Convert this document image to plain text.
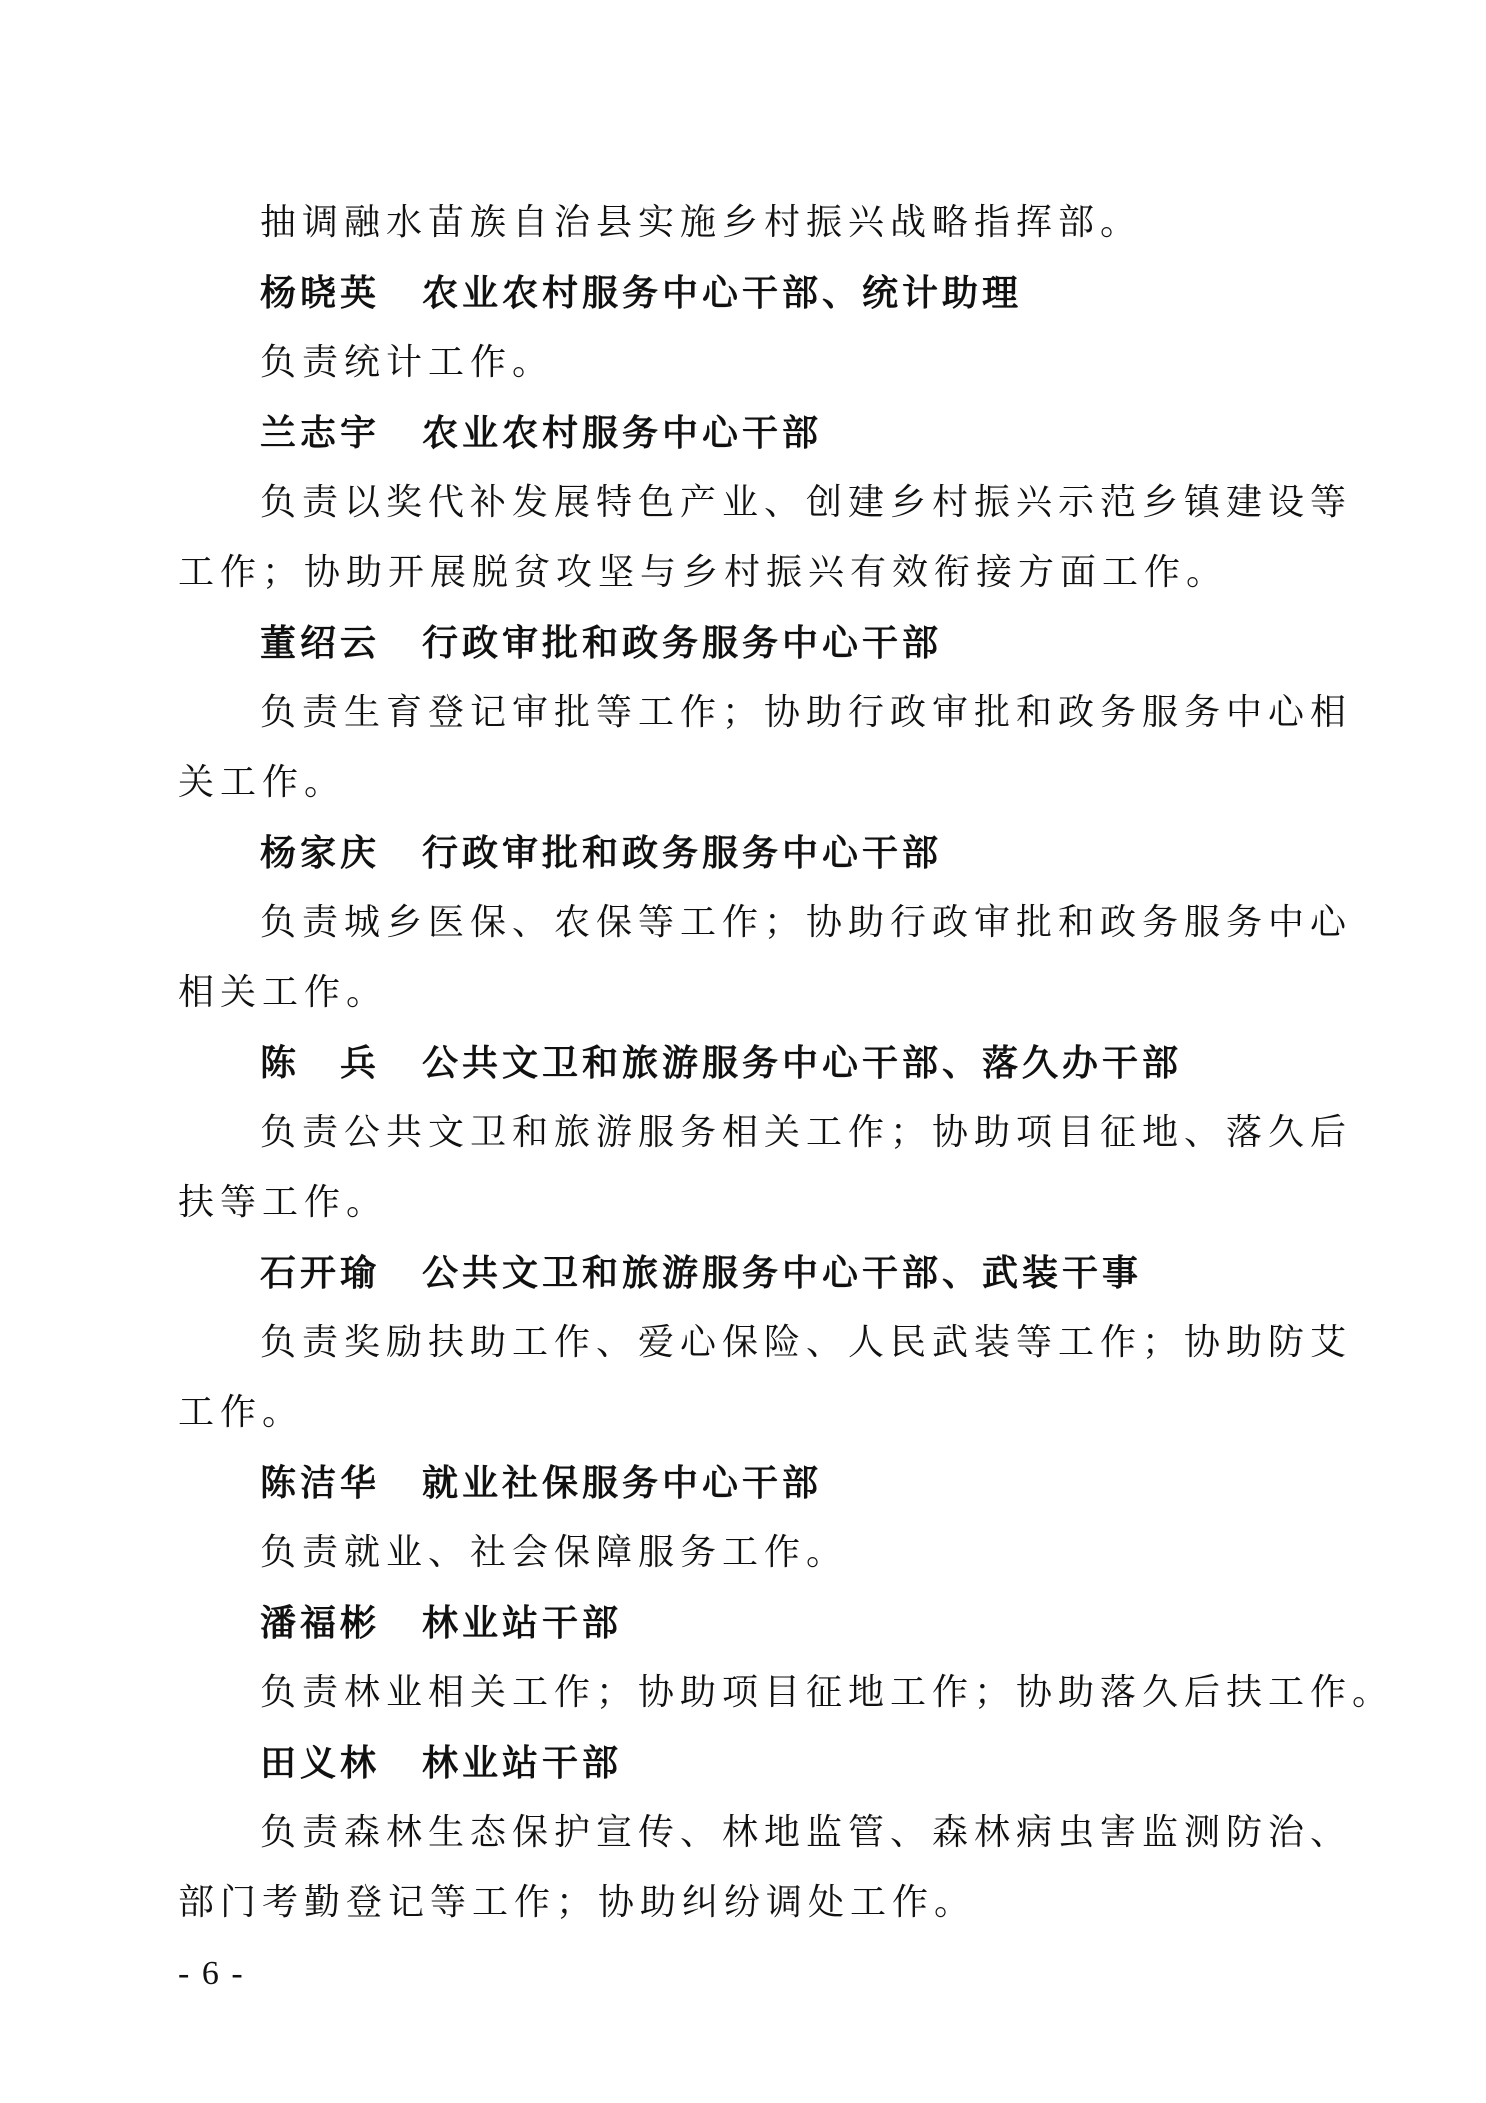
抽调融水苗族自治县实施乡村振兴战略指挥部。
杨晓英 农业农村服务中心干部、统计助理
负责统计工作。
兰志宇 农业农村服务中心干部
负责以奖代补发展特色产业、创建乡村振兴示范乡镇建设等
工作；协助开展脱贫攻坚与乡村振兴有效衔接方面工作。
董绍云 行政审批和政务服务中心干部
负责生育登记审批等工作；协助行政审批和政务服务中心相
关工作。
杨家庆 行政审批和政务服务中心干部
负责城乡医保、农保等工作；协助行政审批和政务服务中心
相关工作。
陈　兵 公共文卫和旅游服务中心干部、落久办干部
负责公共文卫和旅游服务相关工作；协助项目征地、落久后
扶等工作。
石开瑜 公共文卫和旅游服务中心干部、武装干事
负责奖励扶助工作、爱心保险、人民武装等工作；协助防艾
工作。
陈洁华 就业社保服务中心干部
负责就业、社会保障服务工作。
潘福彬 林业站干部
负责林业相关工作；协助项目征地工作；协助落久后扶工作。
田义林 林业站干部
负责森林生态保护宣传、林地监管、森林病虫害监测防治、
部门考勤登记等工作；协助纠纷调处工作。
- 6 -
